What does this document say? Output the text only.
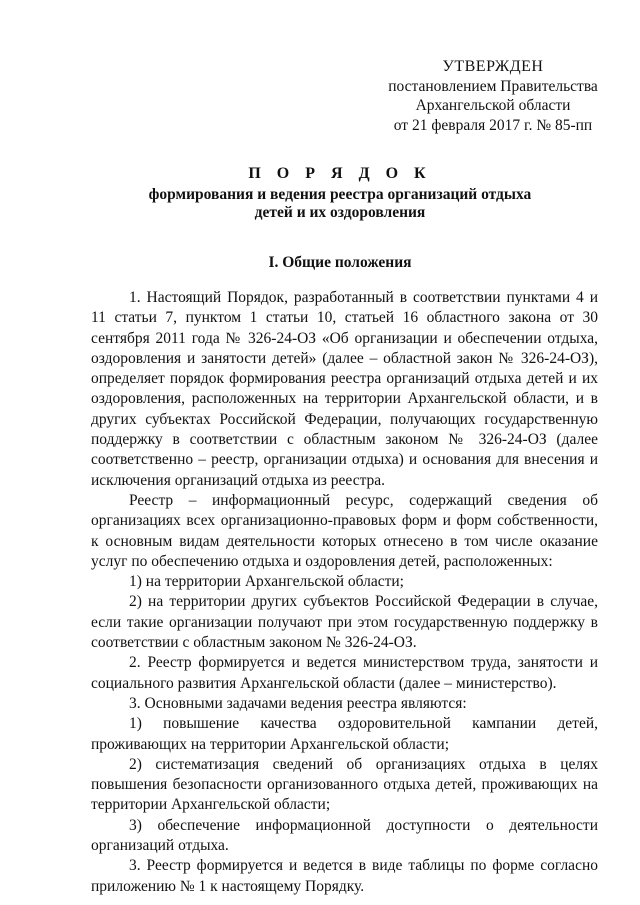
УТВЕРЖДЕН
постановлением Правительства
Архангельской области
от 21 февраля 2017 г. № 85-пп
П О Р Я Д О К
формирования и ведения реестра организаций отдыха
детей и их оздоровления
I. Общие положения

1. Настоящий Порядок, разработанный в соответствии пунктами 4 и 11 статьи 7, пунктом 1 статьи 10, статьей 16 областного закона от 30 сентября 2011 года № 326-24-ОЗ «Об организации и обеспечении отдыха, оздоровления и занятости детей» (далее – областной закон № 326-24-ОЗ), определяет порядок формирования реестра организаций отдыха детей и их оздоровления, расположенных на территории Архангельской области, и в других субъектах Российской Федерации, получающих государственную поддержку в соответствии с областным законом № 326-24-ОЗ (далее соответственно – реестр, организации отдыха) и основания для внесения и исключения организаций отдыха из реестра.

Реестр – информационный ресурс, содержащий сведения об организациях всех организационно-правовых форм и форм собственности, к основным видам деятельности которых отнесено в том числе оказание услуг по обеспечению отдыха и оздоровления детей, расположенных:

1) на территории Архангельской области;

2) на территории других субъектов Российской Федерации в случае, если такие организации получают при этом государственную поддержку в соответствии с областным законом № 326-24-ОЗ.

2. Реестр формируется и ведется министерством труда, занятости и социального развития Архангельской области (далее – министерство).

3. Основными задачами ведения реестра являются:

1) повышение качества оздоровительной кампании детей, проживающих на территории Архангельской области;

2) систематизация сведений об организациях отдыха в целях повышения безопасности организованного отдыха детей, проживающих на территории Архангельской области;

3) обеспечение информационной доступности о деятельности организаций отдыха.

3. Реестр формируется и ведется в виде таблицы по форме согласно приложению № 1 к настоящему Порядку.
